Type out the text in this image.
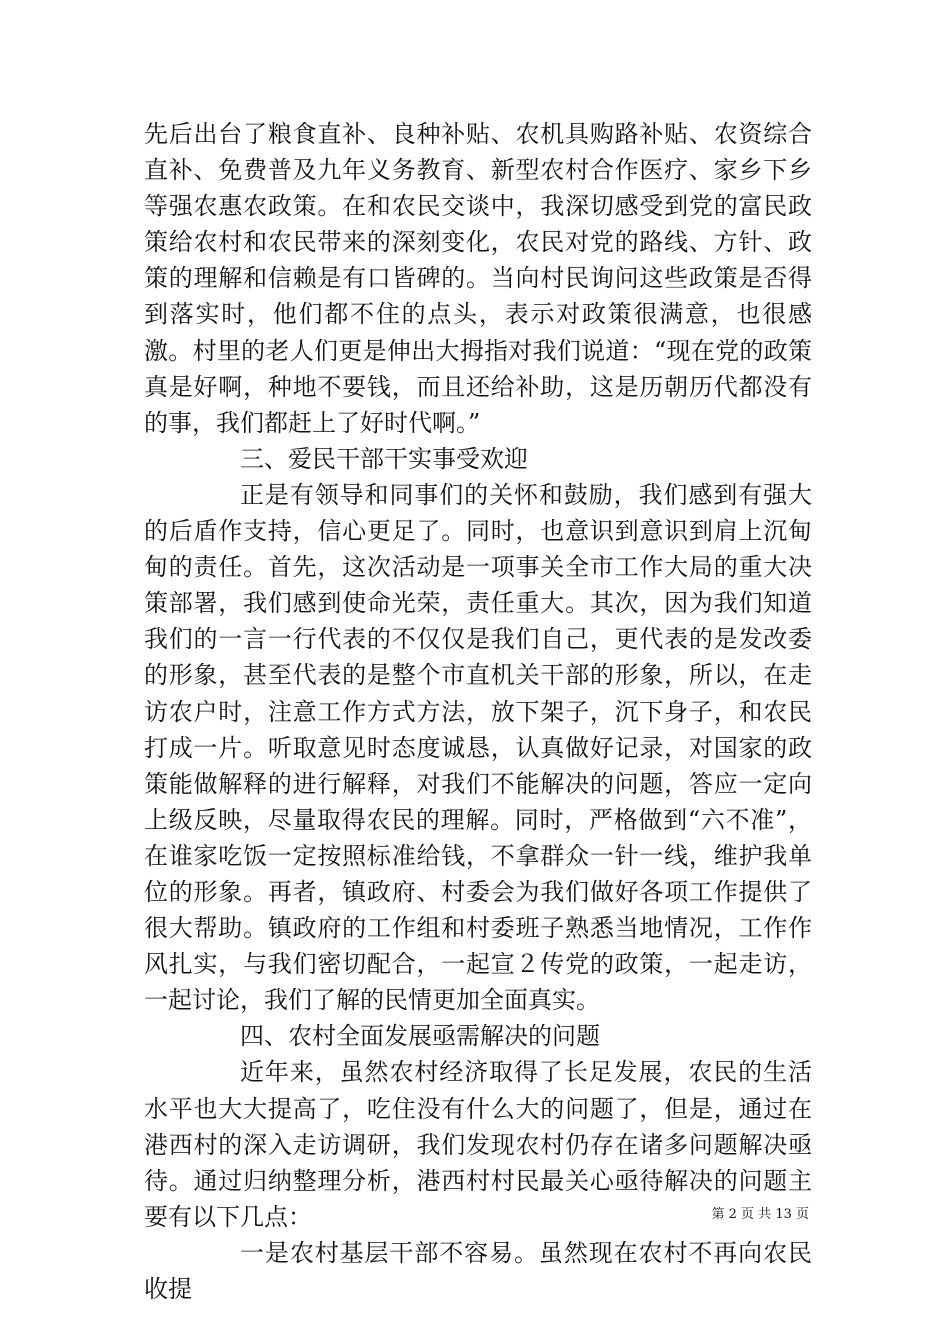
先后出台了粮食直补、良种补贴、农机具购路补贴、农资综合直补、免费普及九年义务教育、新型农村合作医疗、家乡下乡等强农惠农政策。在和农民交谈中，我深切感受到党的富民政策给农村和农民带来的深刻变化，农民对党的路线、方针、政策的理解和信赖是有口皆碑的。当向村民询问这些政策是否得到落实时，他们都不住的点头，表示对政策很满意，也很感激。村里的老人们更是伸出大拇指对我们说道：“现在党的政策真是好啊，种地不要钱，而且还给补助，这是历朝历代都没有的事，我们都赶上了好时代啊。”

三、爱民干部干实事受欢迎

正是有领导和同事们的关怀和鼓励，我们感到有强大的后盾作支持，信心更足了。同时，也意识到意识到肩上沉甸甸的责任。首先，这次活动是一项事关全市工作大局的重大决策部署，我们感到使命光荣，责任重大。其次，因为我们知道我们的一言一行代表的不仅仅是我们自己，更代表的是发改委的形象，甚至代表的是整个市直机关干部的形象，所以，在走访农户时，注意工作方式方法，放下架子，沉下身子，和农民打成一片。听取意见时态度诚恳，认真做好记录，对国家的政策能做解释的进行解释，对我们不能解决的问题，答应一定向上级反映，尽量取得农民的理解。同时，严格做到“六不准”，在谁家吃饭一定按照标准给钱，不拿群众一针一线，维护我单位的形象。再者，镇政府、村委会为我们做好各项工作提供了很大帮助。镇政府的工作组和村委班子熟悉当地情况，工作作风扎实，与我们密切配合，一起宣２传党的政策，一起走访，一起讨论，我们了解的民情更加全面真实。

四、农村全面发展亟需解决的问题

近年来，虽然农村经济取得了长足发展，农民的生活水平也大大提高了，吃住没有什么大的问题了，但是，通过在港西村的深入走访调研，我们发现农村仍存在诸多问题解决亟待。通过归纳整理分析，港西村村民最关心亟待解决的问题主要有以下几点：

一是农村基层干部不容易。虽然现在农村不再向农民收提

第 2 页 共 13 页
